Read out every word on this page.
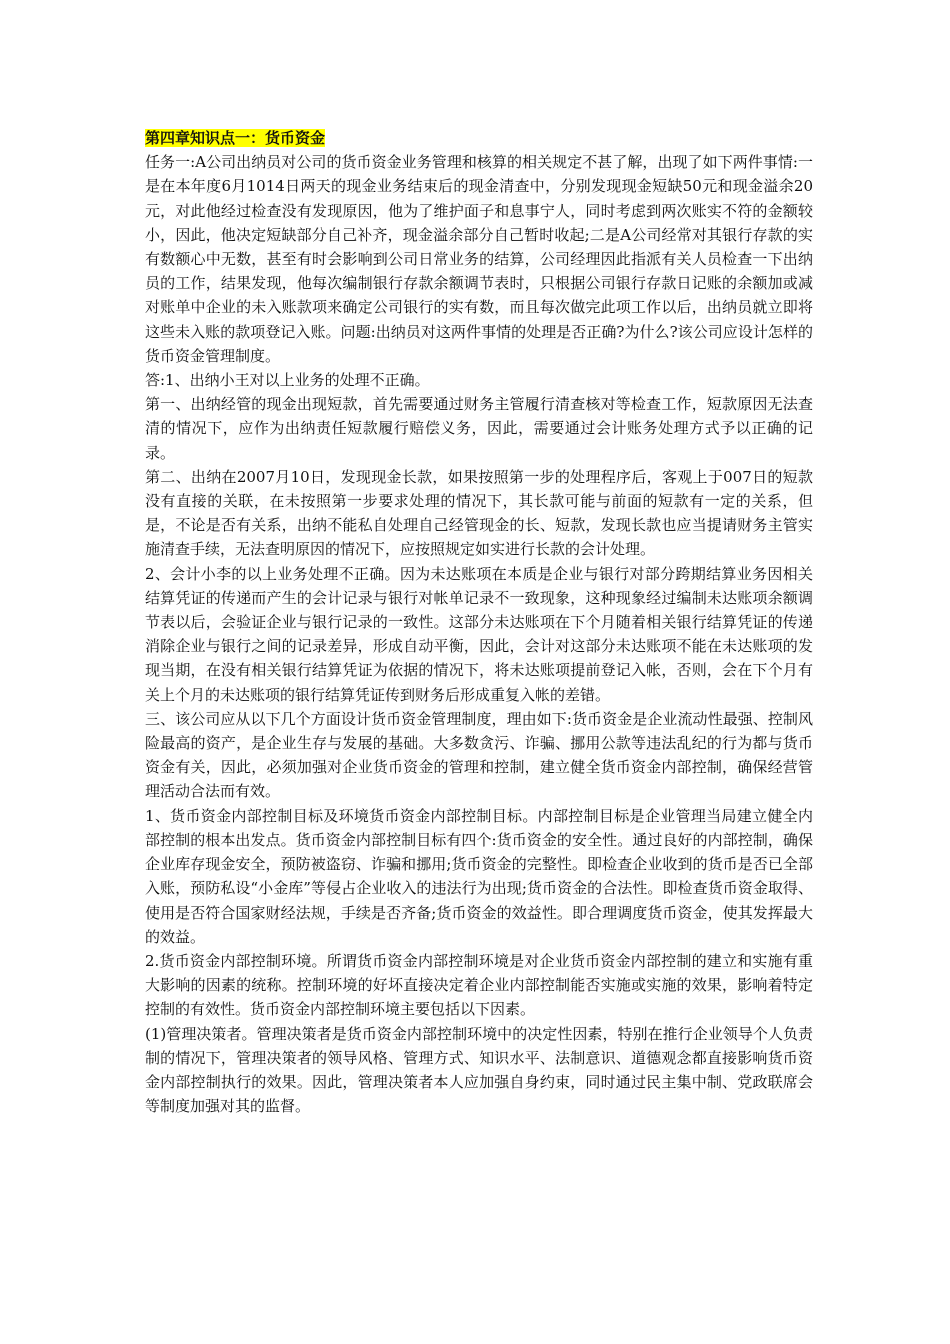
第四章知识点一：货币资金

任务一:A公司出纳员对公司的货币资金业务管理和核算的相关规定不甚了解，出现了如下两件事情:一是在本年度6月1014日两天的现金业务结束后的现金清查中，分别发现现金短缺50元和现金溢余20元，对此他经过检查没有发现原因，他为了维护面子和息事宁人，同时考虑到两次账实不符的金额较小，因此，他决定短缺部分自己补齐，现金溢余部分自己暂时收起;二是A公司经常对其银行存款的实有数额心中无数，甚至有时会影响到公司日常业务的结算，公司经理因此指派有关人员检查一下出纳员的工作，结果发现，他每次编制银行存款余额调节表时，只根据公司银行存款日记账的余额加或减对账单中企业的未入账款项来确定公司银行的实有数，而且每次做完此项工作以后，出纳员就立即将这些未入账的款项登记入账。问题:出纳员对这两件事情的处理是否正确?为什么?该公司应设计怎样的货币资金管理制度。

答:1、出纳小王对以上业务的处理不正确。

第一、出纳经管的现金出现短款，首先需要通过财务主管履行清查核对等检查工作，短款原因无法查清的情况下，应作为出纳责任短款履行赔偿义务，因此，需要通过会计账务处理方式予以正确的记录。

第二、出纳在2007月10日，发现现金长款，如果按照第一步的处理程序后，客观上于007日的短款没有直接的关联，在未按照第一步要求处理的情况下，其长款可能与前面的短款有一定的关系，但是，不论是否有关系，出纳不能私自处理自己经管现金的长、短款，发现长款也应当提请财务主管实施清查手续，无法查明原因的情况下，应按照规定如实进行长款的会计处理。

2、会计小李的以上业务处理不正确。因为未达账项在本质是企业与银行对部分跨期结算业务因相关结算凭证的传递而产生的会计记录与银行对帐单记录不一致现象，这种现象经过编制未达账项余额调节表以后，会验证企业与银行记录的一致性。这部分未达账项在下个月随着相关银行结算凭证的传递消除企业与银行之间的记录差异，形成自动平衡，因此，会计对这部分未达账项不能在未达账项的发现当期，在没有相关银行结算凭证为依据的情况下，将未达账项提前登记入帐，否则，会在下个月有关上个月的未达账项的银行结算凭证传到财务后形成重复入帐的差错。

三、该公司应从以下几个方面设计货币资金管理制度，理由如下:货币资金是企业流动性最强、控制风险最高的资产，是企业生存与发展的基础。大多数贪污、诈骗、挪用公款等违法乱纪的行为都与货币资金有关，因此，必须加强对企业货币资金的管理和控制，建立健全货币资金内部控制，确保经营管理活动合法而有效。

1、货币资金内部控制目标及环境货币资金内部控制目标。内部控制目标是企业管理当局建立健全内部控制的根本出发点。货币资金内部控制目标有四个:货币资金的安全性。通过良好的内部控制，确保企业库存现金安全，预防被盗窃、诈骗和挪用;货币资金的完整性。即检查企业收到的货币是否已全部入账，预防私设“小金库”等侵占企业收入的违法行为出现;货币资金的合法性。即检查货币资金取得、使用是否符合国家财经法规，手续是否齐备;货币资金的效益性。即合理调度货币资金，使其发挥最大的效益。

2.货币资金内部控制环境。所谓货币资金内部控制环境是对企业货币资金内部控制的建立和实施有重大影响的因素的统称。控制环境的好坏直接决定着企业内部控制能否实施或实施的效果，影响着特定控制的有效性。货币资金内部控制环境主要包括以下因素。

(1)管理决策者。管理决策者是货币资金内部控制环境中的决定性因素，特别在推行企业领导个人负责制的情况下，管理决策者的领导风格、管理方式、知识水平、法制意识、道德观念都直接影响货币资金内部控制执行的效果。因此，管理决策者本人应加强自身约束，同时通过民主集中制、党政联席会等制度加强对其的监督。
